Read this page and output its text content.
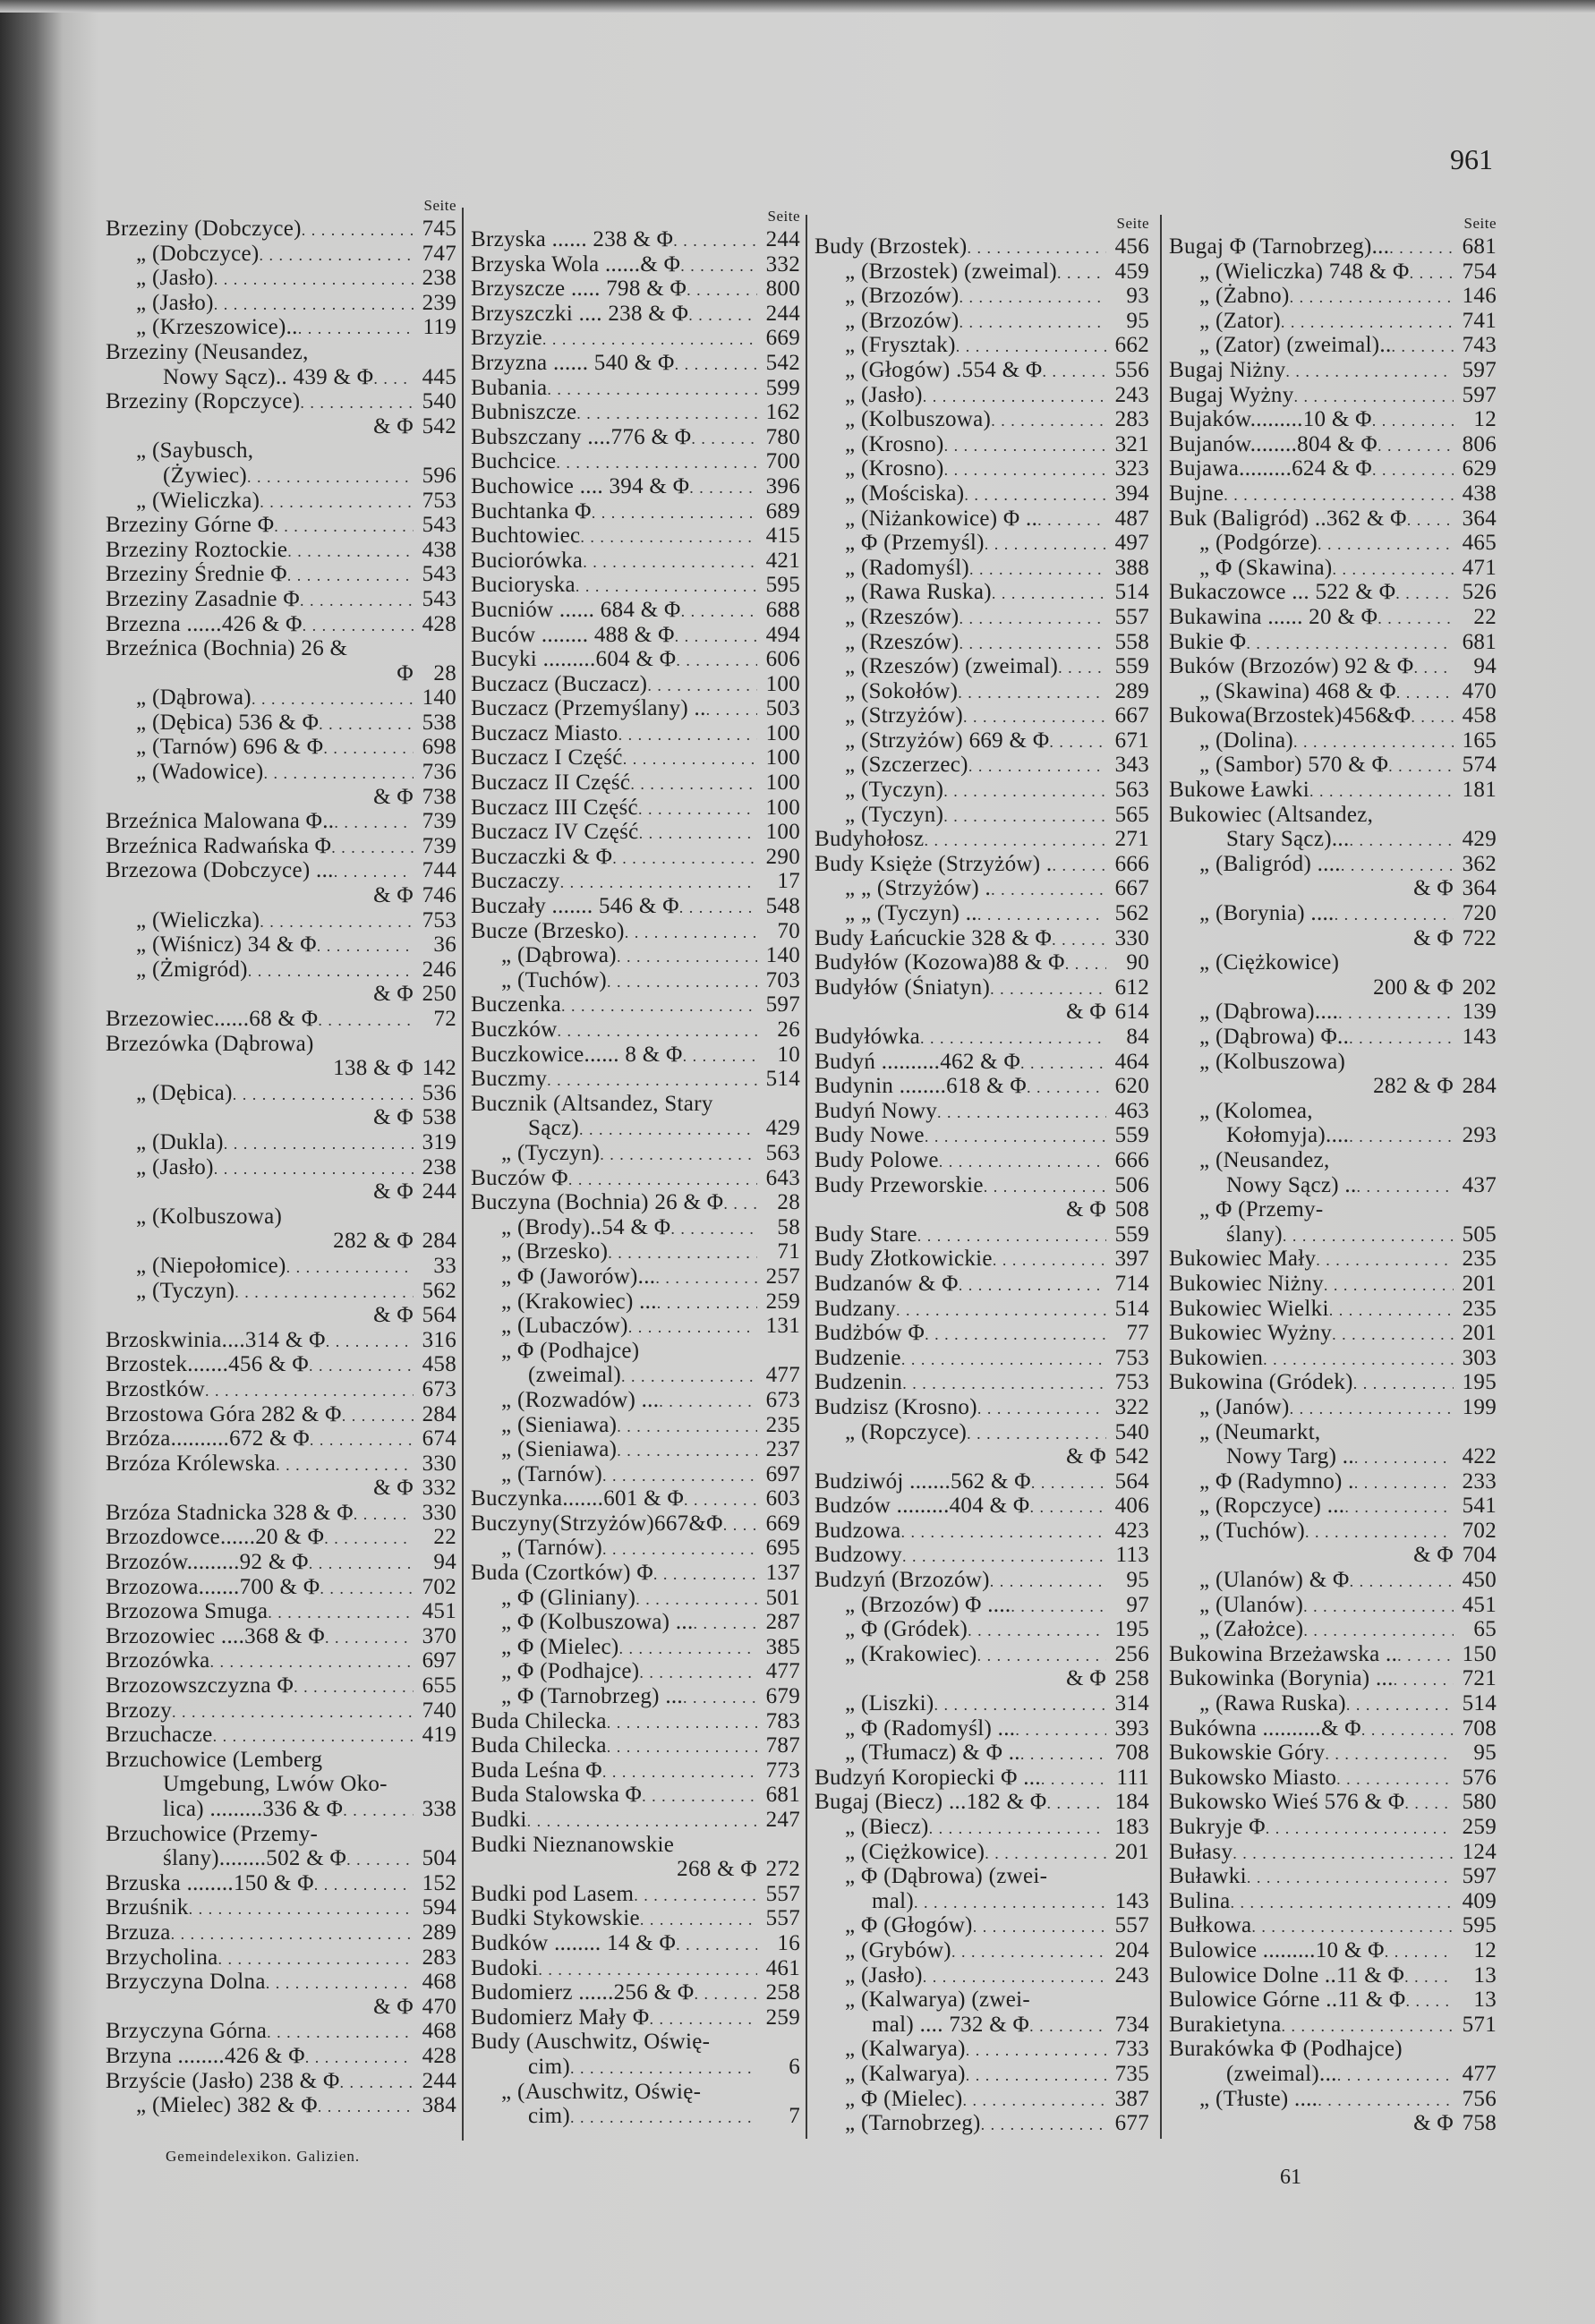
961
Seite
Brzeziny (Dobczyce) . . .	745
„ (Dobczyce) . . .	747
„ (Jasło) . . .	238
„ (Jasło) . . .	239
„ (Krzeszowice).. . . .	119
Brzeziny (Neusandez,
Nowy Sącz).. 439 & Φ . . .	445
Brzeziny (Ropczyce) . . .	540
& Φ 542
„ (Saybusch,
(Żywiec) . . .	596
„ (Wieliczka) . . .	753
Brzeziny Górne Φ . . .	543
Brzeziny Roztockie . . .	438
Brzeziny Średnie Φ . . .	543
Brzeziny Zasadnie Φ . . .	543
Brzezna ......426 & Φ . . .	428
Brzeźnica (Bochnia) 26 &
Φ 28
„ (Dąbrowa) . . .	140
„ (Dębica) 536 & Φ . . .	538
„ (Tarnów) 696 & Φ . . .	698
„ (Wadowice) . . .	736
& Φ 738
Brzeźnica Malowana Φ.. . . .	739
Brzeźnica Radwańska Φ . . .	739
Brzezowa (Dobczyce) ... . . .	744
& Φ 746
„ (Wieliczka) . . .	753
„ (Wiśnicz) 34 & Φ . . .	36
„ (Żmigród) . . .	246
& Φ 250
Brzezowiec......68 & Φ . . .	72
Brzezówka (Dąbrowa)
138 & Φ 142
„ (Dębica) . . .	536
& Φ 538
„ (Dukla) . . .	319
„ (Jasło) . . .	238
& Φ 244
„ (Kolbuszowa)
282 & Φ 284
„ (Niepołomice) . . .	33
„ (Tyczyn) . . .	562
& Φ 564
Brzoskwinia....314 & Φ . . .	316
Brzostek.......456 & Φ . . .	458
Brzostków . . .	673
Brzostowa Góra 282 & Φ . . .	284
Brzóza..........672 & Φ . . .	674
Brzóza Królewska . . .	330
& Φ 332
Brzóza Stadnicka 328 & Φ . . .	330
Brzozdowce......20 & Φ . . .	22
Brzozów.........92 & Φ . . .	94
Brzozowa.......700 & Φ . . .	702
Brzozowa Smuga . . .	451
Brzozowiec ....368 & Φ . . .	370
Brzozówka . . .	697
Brzozowszczyzna Φ . . .	655
Brzozy . . .	740
Brzuchacze . . .	419
Brzuchowice (Lemberg
Umgebung, Lwów Oko-
lica) .........336 & Φ . . .	338
Brzuchowice (Przemy-
ślany)........502 & Φ . . .	504
Brzuska ........150 & Φ . . .	152
Brzuśnik . . .	594
Brzuza . . .	289
Brzycholina . . .	283
Brzyczyna Dolna . . .	468
& Φ 470
Brzyczyna Górna . . .	468
Brzyna ........426 & Φ . . .	428
Brzyście (Jasło) 238 & Φ . . .	244
„ (Mielec) 382 & Φ . . .	384
Seite
Brzyska ...... 238 & Φ . . .	244
Brzyska Wola ......& Φ . . .	332
Brzyszcze ..... 798 & Φ . . .	800
Brzyszczki .... 238 & Φ . . .	244
Brzyzie . . .	669
Brzyzna ...... 540 & Φ . . .	542
Bubania . . .	599
Bubniszcze . . .	162
Bubszczany ....776 & Φ . . .	780
Buchcice . . .	700
Buchowice .... 394 & Φ . . .	396
Buchtanka Φ . . .	689
Buchtowiec . . .	415
Buciorówka . . .	421
Bucioryska . . .	595
Bucniów ...... 684 & Φ . . .	688
Buców ........ 488 & Φ . . .	494
Bucyki .........604 & Φ . . .	606
Buczacz (Buczacz) . . .	100
Buczacz (Przemyślany) .. . . .	503
Buczacz Miasto . . .	100
Buczacz I Część . . .	100
Buczacz II Część . . .	100
Buczacz III Część . . .	100
Buczacz IV Część . . .	100
Buczaczki & Φ . . .	290
Buczaczy . . .	17
Buczały ....... 546 & Φ . . .	548
Bucze (Brzesko) . . .	70
„ (Dąbrowa) . . .	140
„ (Tuchów) . . .	703
Buczenka . . .	597
Buczków . . .	26
Buczkowice...... 8 & Φ . . .	10
Buczmy . . .	514
Bucznik (Altsandez, Stary
Sącz) . . .	429
„ (Tyczyn) . . .	563
Buczów Φ . . .	643
Buczyna (Bochnia) 26 & Φ . . .	28
„ (Brody)..54 & Φ . . .	58
„ (Brzesko) . . .	71
„ Φ (Jaworów)... . . .	257
„ (Krakowiec) ... . . .	259
„ (Lubaczów) . . .	131
„ Φ (Podhajce)
(zweimal) . . .	477
„ (Rozwadów) ... . . .	673
„ (Sieniawa) . . .	235
„ (Sieniawa) . . .	237
„ (Tarnów) . . .	697
Buczynka.......601 & Φ . . .	603
Buczyny(Strzyżów)667&Φ . . .	669
„ (Tarnów) . . .	695
Buda (Czortków) Φ . . .	137
„ Φ (Gliniany) . . .	501
„ Φ (Kolbuszowa) ... . . .	287
„ Φ (Mielec) . . .	385
„ Φ (Podhajce) . . .	477
„ Φ (Tarnobrzeg) ... . . .	679
Buda Chilecka . . .	783
Buda Chilecka . . .	787
Buda Leśna Φ . . .	773
Buda Stalowska Φ . . .	681
Budki . . .	247
Budki Nieznanowskie
268 & Φ 272
Budki pod Lasem . . .	557
Budki Stykowskie . . .	557
Budków ........ 14 & Φ . . .	16
Budoki . . .	461
Budomierz ......256 & Φ . . .	258
Budomierz Mały Φ . . .	259
Budy (Auschwitz, Oświę-
cim) . . .	6
„ (Auschwitz, Oświę-
cim) . . .	7
Seite
Budy (Brzostek) . . .	456
„ (Brzostek) (zweimal) . . .	459
„ (Brzozów) . . .	93
„ (Brzozów) . . .	95
„ (Frysztak) . . .	662
„ (Głogów) .554 & Φ . . .	556
„ (Jasło) . . .	243
„ (Kolbuszowa) . . .	283
„ (Krosno) . . .	321
„ (Krosno) . . .	323
„ (Mościska) . . .	394
„ (Niżankowice) Φ .. . . .	487
„ Φ (Przemyśl) . . .	497
„ (Radomyśl) . . .	388
„ (Rawa Ruska) . . .	514
„ (Rzeszów) . . .	557
„ (Rzeszów) . . .	558
„ (Rzeszów) (zweimal) . . .	559
„ (Sokołów) . . .	289
„ (Strzyżów) . . .	667
„ (Strzyżów) 669 & Φ . . .	671
„ (Szczerzec) . . .	343
„ (Tyczyn) . . .	563
„ (Tyczyn) . . .	565
Budyhołosz . . .	271
Budy Księże (Strzyżów) . . . .	666
„ „ (Strzyżów) . . . .	667
„ „ (Tyczyn) .. . . .	562
Budy Łańcuckie 328 & Φ . . .	330
Budyłów (Kozowa)88 & Φ . . .	90
Budyłów (Śniatyn) . . .	612
& Φ 614
Budyłówka . . .	84
Budyń ..........462 & Φ . . .	464
Budynin ........618 & Φ . . .	620
Budyń Nowy . . .	463
Budy Nowe . . .	559
Budy Polowe . . .	666
Budy Przeworskie . . .	506
& Φ 508
Budy Stare . . .	559
Budy Złotkowickie . . .	397
Budzanów & Φ . . .	714
Budzany . . .	514
Budżbów Φ . . .	77
Budzenie . . .	753
Budzenin . . .	753
Budzisz (Krosno) . . .	322
„ (Ropczyce) . . .	540
& Φ 542
Budziwój .......562 & Φ . . .	564
Budzów .........404 & Φ . . .	406
Budzowa . . .	423
Budzowy . . .	113
Budzyń (Brzozów) . . .	95
„ (Brzozów) Φ .... . . .	97
„ Φ (Gródek) . . .	195
„ (Krakowiec) . . .	256
& Φ 258
„ (Liszki) . . .	314
„ Φ (Radomyśl) ... . . .	393
„ (Tłumacz) & Φ .. . . .	708
Budzyń Koropiecki Φ ... . . .	111
Bugaj (Biecz) ...182 & Φ . . .	184
„ (Biecz) . . .	183
„ (Ciężkowice) . . .	201
„ Φ (Dąbrowa) (zwei-
mal) . . .	143
„ Φ (Głogów) . . .	557
„ (Grybów) . . .	204
„ (Jasło) . . .	243
„ (Kalwarya) (zwei-
mal) .... 732 & Φ . . .	734
„ (Kalwarya) . . .	733
„ (Kalwarya) . . .	735
„ Φ (Mielec) . . .	387
„ (Tarnobrzeg) . . .	677
Seite
Bugaj Φ (Tarnobrzeg)... . . .	681
„ (Wieliczka) 748 & Φ . . .	754
„ (Żabno) . . .	146
„ (Zator) . . .	741
„ (Zator) (zweimal).. . . .	743
Bugaj Niżny . . .	597
Bugaj Wyżny . . .	597
Bujaków.........10 & Φ . . .	12
Bujanów........804 & Φ . . .	806
Bujawa.........624 & Φ . . .	629
Bujne . . .	438
Buk (Baligród) ..362 & Φ . . .	364
„ (Podgórze) . . .	465
„ Φ (Skawina) . . .	471
Bukaczowce ... 522 & Φ . . .	526
Bukawina ...... 20 & Φ . . .	22
Bukie Φ . . .	681
Buków (Brzozów) 92 & Φ . . .	94
„ (Skawina) 468 & Φ . . .	470
Bukowa(Brzostek)456&Φ . . .	458
„ (Dolina) . . .	165
„ (Sambor) 570 & Φ . . .	574
Bukowe Ławki . . .	181
Bukowiec (Altsandez,
Stary Sącz)... . . .	429
„ (Baligród) .... . . .	362
& Φ 364
„ (Borynia) .... . . .	720
& Φ 722
„ (Ciężkowice)
200 & Φ 202
„ (Dąbrowa).... . . .	139
„ (Dąbrowa) Φ.. . . .	143
„ (Kolbuszowa)
282 & Φ 284
„ (Kolomea,
Kołomyja).... . . .	293
„ (Neusandez,
Nowy Sącz) .. . . .	437
„ Φ (Przemy-
ślany) . . .	505
Bukowiec Mały . . .	235
Bukowiec Niżny . . .	201
Bukowiec Wielki . . .	235
Bukowiec Wyżny . . .	201
Bukowien . . .	303
Bukowina (Gródek) . . .	195
„ (Janów) . . .	199
„ (Neumarkt,
Nowy Targ) .. . . .	422
„ Φ (Radymno) . . . .	233
„ (Ropczyce) ... . . .	541
„ (Tuchów) . . .	702
& Φ 704
„ (Ulanów) & Φ . . .	450
„ (Ulanów) . . .	451
„ (Założce) . . .	65
Bukowina Brzeżawska .. . . .	150
Bukowinka (Borynia) ... . . .	721
„ (Rawa Ruska) . . .	514
Bukówna ..........& Φ . . .	708
Bukowskie Góry . . .	95
Bukowsko Miasto . . .	576
Bukowsko Wieś 576 & Φ . . .	580
Bukryje Φ . . .	259
Bułasy . . .	124
Buławki . . .	597
Bulina . . .	409
Bułkowa . . .	595
Bulowice .........10 & Φ . . .	12
Bulowice Dolne ..11 & Φ . . .	13
Bulowice Górne ..11 & Φ . . .	13
Burakietyna . . .	571
Burakówka Φ (Podhajce)
(zweimal)... . . .	477
„ (Tłuste) .... . . .	756
& Φ 758
Gemeindelexikon. Galizien.
61
